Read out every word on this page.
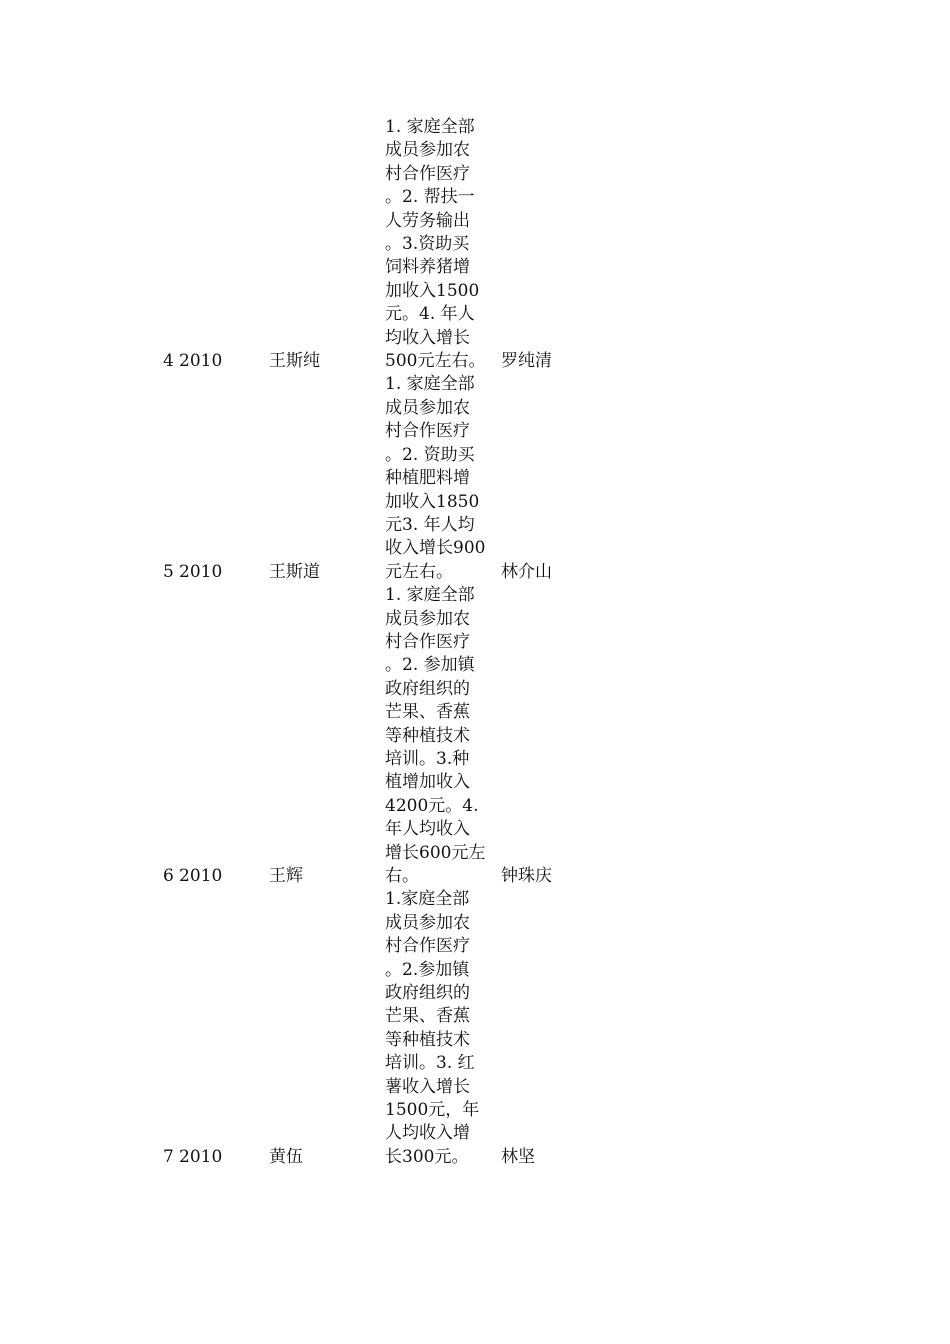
4 2010	王斯纯
1. 家庭全部
成员参加农
村合作医疗
。2. 帮扶一
人劳务输出
。3.资助买
饲料养猪增
加收入1500
元。4. 年人
均收入增长
500元左右。 罗纯清
5 2010	王斯道
1. 家庭全部
成员参加农
村合作医疗
。2. 资助买
种植肥料增
加收入1850
元3. 年人均
收入增长900
元左右。	林介山
6 2010	王辉
1. 家庭全部
成员参加农
村合作医疗
。2. 参加镇
政府组织的
芒果、香蕉
等种植技术
培训。3.种
植增加收入
4200元。4.
年人均收入
增长600元左
右。	钟珠庆
7 2010	黄伍
1.家庭全部
成员参加农
村合作医疗
。2.参加镇
政府组织的
芒果、香蕉
等种植技术
培训。3. 红
薯收入增长
1500元，年
人均收入增
长300元。	林坚
